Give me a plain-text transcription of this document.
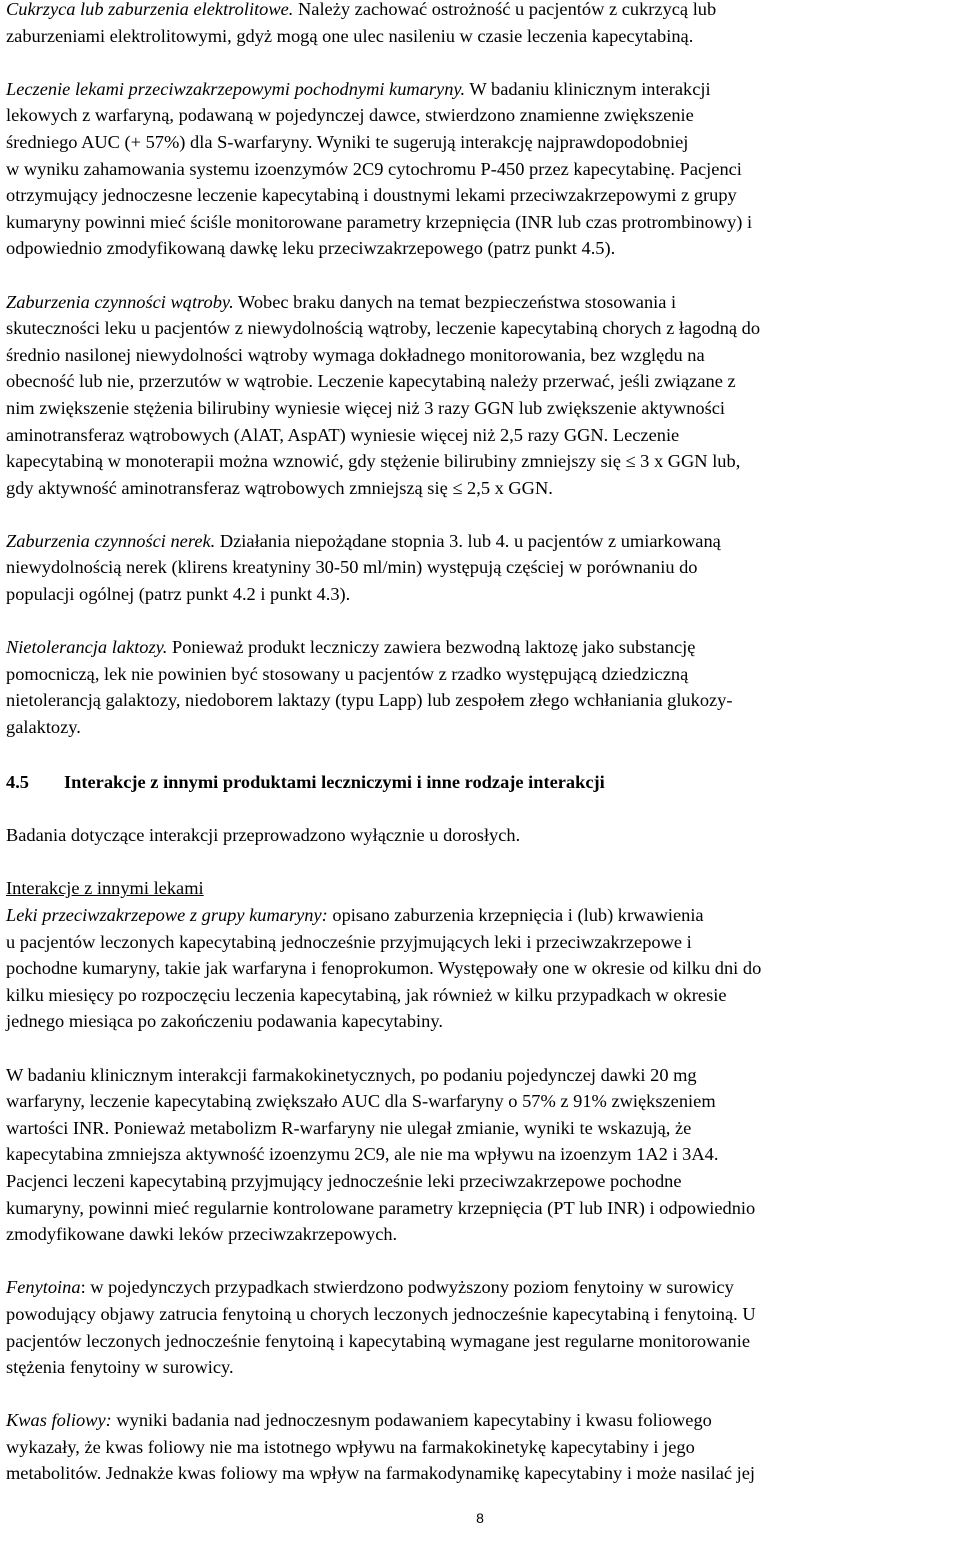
Cukrzyca lub zaburzenia elektrolitowe. Należy zachować ostrożność u pacjentów z cukrzycą lub
zaburzeniami elektrolitowymi, gdyż mogą one ulec nasileniu w czasie leczenia kapecytabiną.

Leczenie lekami przeciwzakrzepowymi pochodnymi kumaryny. W badaniu klinicznym interakcji
lekowych z warfaryną, podawaną w pojedynczej dawce, stwierdzono znamienne zwiększenie
średniego AUC (+ 57%) dla S-warfaryny. Wyniki te sugerują interakcję najprawdopodobniej
w wyniku zahamowania systemu izoenzymów 2C9 cytochromu P-450 przez kapecytabinę. Pacjenci
otrzymujący jednoczesne leczenie kapecytabiną i doustnymi lekami przeciwzakrzepowymi z grupy
kumaryny powinni mieć ściśle monitorowane parametry krzepnięcia (INR lub czas protrombinowy) i
odpowiednio zmodyfikowaną dawkę leku przeciwzakrzepowego (patrz punkt 4.5).

Zaburzenia czynności wątroby. Wobec braku danych na temat bezpieczeństwa stosowania i
skuteczności leku u pacjentów z niewydolnością wątroby, leczenie kapecytabiną chorych z łagodną do
średnio nasilonej niewydolności wątroby wymaga dokładnego monitorowania, bez względu na
obecność lub nie, przerzutów w wątrobie. Leczenie kapecytabiną należy przerwać, jeśli związane z
nim zwiększenie stężenia bilirubiny wyniesie więcej niż 3 razy GGN lub zwiększenie aktywności
aminotransferaz wątrobowych (AlAT, AspAT) wyniesie więcej niż 2,5 razy GGN. Leczenie
kapecytabiną w monoterapii można wznowić, gdy stężenie bilirubiny zmniejszy się ≤ 3 x GGN lub,
gdy aktywność aminotransferaz wątrobowych zmniejszą się ≤ 2,5 x GGN.

Zaburzenia czynności nerek. Działania niepożądane stopnia 3. lub 4. u pacjentów z umiarkowaną
niewydolnością nerek (klirens kreatyniny 30-50 ml/min) występują częściej w porównaniu do
populacji ogólnej (patrz punkt 4.2 i punkt 4.3).

Nietolerancja laktozy. Ponieważ produkt leczniczy zawiera bezwodną laktozę jako substancję
pomocniczą, lek nie powinien być stosowany u pacjentów z rzadko występującą dziedziczną
nietolerancją galaktozy, niedoborem laktazy (typu Lapp) lub zespołem złego wchłaniania glukozy-
galaktozy.

4.5 Interakcje z innymi produktami leczniczymi i inne rodzaje interakcji

Badania dotyczące interakcji przeprowadzono wyłącznie u dorosłych.

Interakcje z innymi lekami
Leki przeciwzakrzepowe z grupy kumaryny: opisano zaburzenia krzepnięcia i (lub) krwawienia
u pacjentów leczonych kapecytabiną jednocześnie przyjmujących leki i przeciwzakrzepowe i
pochodne kumaryny, takie jak warfaryna i fenoprokumon. Występowały one w okresie od kilku dni do
kilku miesięcy po rozpoczęciu leczenia kapecytabiną, jak również w kilku przypadkach w okresie
jednego miesiąca po zakończeniu podawania kapecytabiny.

W badaniu klinicznym interakcji farmakokinetycznych, po podaniu pojedynczej dawki 20 mg
warfaryny, leczenie kapecytabiną zwiększało AUC dla S-warfaryny o 57% z 91% zwiększeniem
wartości INR. Ponieważ metabolizm R-warfaryny nie ulegał zmianie, wyniki te wskazują, że
kapecytabina zmniejsza aktywność izoenzymu 2C9, ale nie ma wpływu na izoenzym 1A2 i 3A4.
Pacjenci leczeni kapecytabiną przyjmujący jednocześnie leki przeciwzakrzepowe pochodne
kumaryny, powinni mieć regularnie kontrolowane parametry krzepnięcia (PT lub INR) i odpowiednio
zmodyfikowane dawki leków przeciwzakrzepowych.

Fenytoina: w pojedynczych przypadkach stwierdzono podwyższony poziom fenytoiny w surowicy
powodujący objawy zatrucia fenytoiną u chorych leczonych jednocześnie kapecytabiną i fenytoiną. U
pacjentów leczonych jednocześnie fenytoiną i kapecytabiną wymagane jest regularne monitorowanie
stężenia fenytoiny w surowicy.

Kwas foliowy: wyniki badania nad jednoczesnym podawaniem kapecytabiny i kwasu foliowego
wykazały, że kwas foliowy nie ma istotnego wpływu na farmakokinetykę kapecytabiny i jego
metabolitów. Jednakże kwas foliowy ma wpływ na farmakodynamikę kapecytabiny i może nasilać jej

8
